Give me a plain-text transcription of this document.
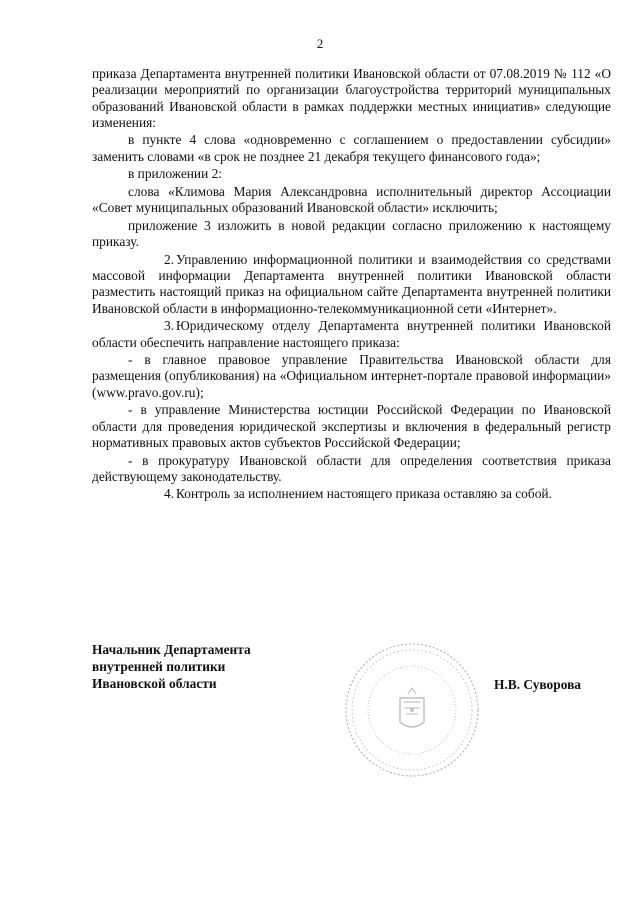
2

приказа Департамента внутренней политики Ивановской области от 07.08.2019 № 112 «О реализации мероприятий по организации благоустройства территорий муниципальных образований Ивановской области в рамках поддержки местных инициатив» следующие изменения:

в пункте 4 слова «одновременно с соглашением о предоставлении субсидии» заменить словами «в срок не позднее 21 декабря текущего финансового года»;

в приложении 2:

слова «Климова Мария Александровна исполнительный директор Ассоциации «Совет муниципальных образований Ивановской области» исключить;

приложение 3 изложить в новой редакции согласно приложению к настоящему приказу.

2. Управлению информационной политики и взаимодействия со средствами массовой информации Департамента внутренней политики Ивановской области разместить настоящий приказ на официальном сайте Департамента внутренней политики Ивановской области в информационно-телекоммуникационной сети «Интернет».

3. Юридическому отделу Департамента внутренней политики Ивановской области обеспечить направление настоящего приказа:

- в главное правовое управление Правительства Ивановской области для размещения (опубликования) на «Официальном интернет-портале правовой информации» (www.pravo.gov.ru);

- в управление Министерства юстиции Российской Федерации по Ивановской области для проведения юридической экспертизы и включения в федеральный регистр нормативных правовых актов субъектов Российской Федерации;

- в прокуратуру Ивановской области для определения соответствия приказа действующему законодательству.

4. Контроль за исполнением настоящего приказа оставляю за собой.

Начальник Департамента
внутренней политики
Ивановской области	Н.В. Суворова
